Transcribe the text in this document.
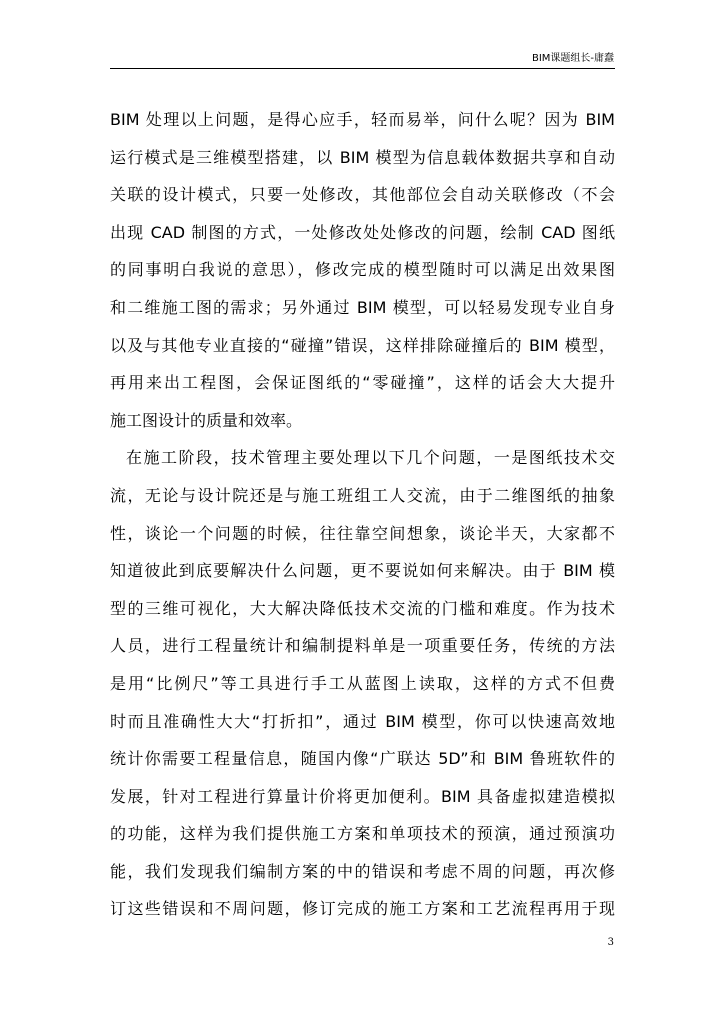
BIM课题组长-庸蠢
BIM 处理以上问题，是得心应手，轻而易举，问什么呢？因为 BIM
运行模式是三维模型搭建，以 BIM 模型为信息载体数据共享和自动
关联的设计模式，只要一处修改，其他部位会自动关联修改（不会
出现 CAD 制图的方式，一处修改处处修改的问题，绘制 CAD 图纸
的同事明白我说的意思），修改完成的模型随时可以满足出效果图
和二维施工图的需求；另外通过 BIM 模型，可以轻易发现专业自身
以及与其他专业直接的“碰撞”错误，这样排除碰撞后的 BIM 模型，
再用来出工程图，会保证图纸的“零碰撞”，这样的话会大大提升
施工图设计的质量和效率。
在施工阶段，技术管理主要处理以下几个问题，一是图纸技术交
流，无论与设计院还是与施工班组工人交流，由于二维图纸的抽象
性，谈论一个问题的时候，往往靠空间想象，谈论半天，大家都不
知道彼此到底要解决什么问题，更不要说如何来解决。由于 BIM 模
型的三维可视化，大大解决降低技术交流的门槛和难度。作为技术
人员，进行工程量统计和编制提料单是一项重要任务，传统的方法
是用“比例尺”等工具进行手工从蓝图上读取，这样的方式不但费
时而且准确性大大“打折扣”，通过 BIM 模型，你可以快速高效地
统计你需要工程量信息，随国内像“广联达 5D”和 BIM 鲁班软件的
发展，针对工程进行算量计价将更加便利。BIM 具备虚拟建造模拟
的功能，这样为我们提供施工方案和单项技术的预演，通过预演功
能，我们发现我们编制方案的中的错误和考虑不周的问题，再次修
订这些错误和不周问题，修订完成的施工方案和工艺流程再用于现
3
